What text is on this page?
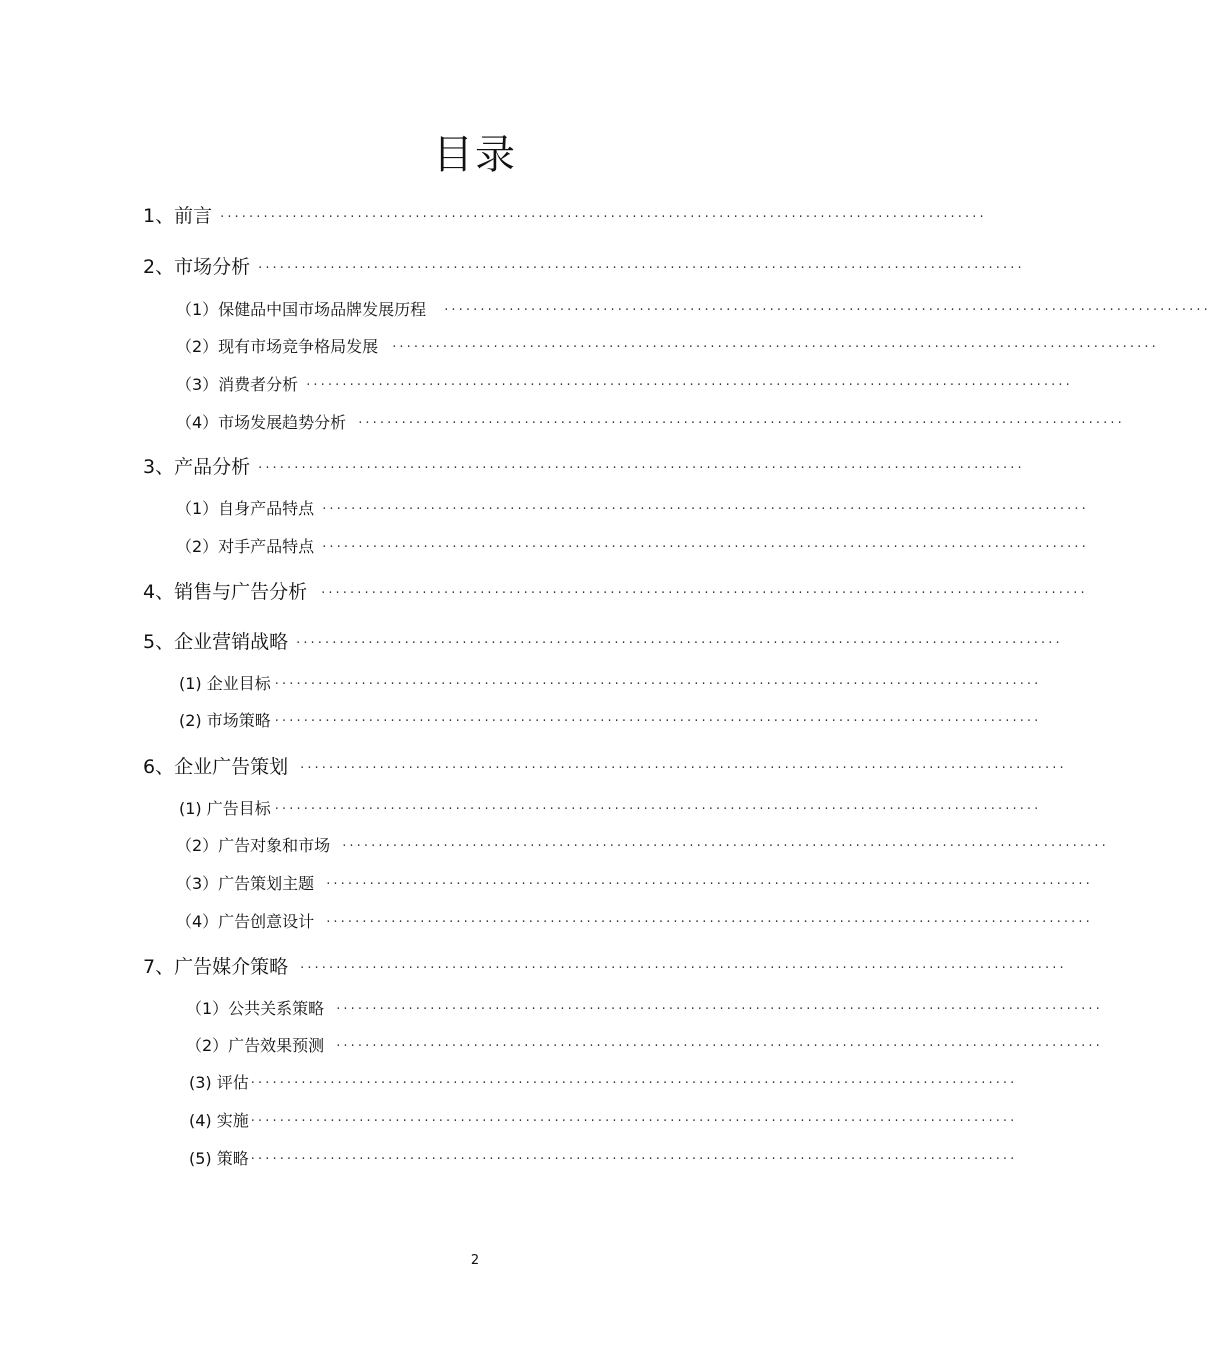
目录
1、前言 ··········································································································
2、市场分析 ··········································································································
（1）保健品中国市场品牌发展历程 ··········································································································
（2）现有市场竞争格局发展 ··········································································································
（3）消费者分析 ··········································································································
（4）市场发展趋势分析 ··········································································································
3、产品分析 ··········································································································
（1）自身产品特点 ··········································································································
（2）对手产品特点 ··········································································································
4、销售与广告分析 ··········································································································
5、企业营销战略 ··········································································································
(1) 企业目标 ··········································································································
(2) 市场策略 ··········································································································
6、企业广告策划 ··········································································································
(1) 广告目标 ··········································································································
（2）广告对象和市场 ··········································································································
（3）广告策划主题 ··········································································································
（4）广告创意设计 ··········································································································
7、广告媒介策略 ··········································································································
（1）公共关系策略 ··········································································································
（2）广告效果预测 ··········································································································
(3) 评估 ··········································································································
(4) 实施 ··········································································································
(5) 策略 ··········································································································
2
